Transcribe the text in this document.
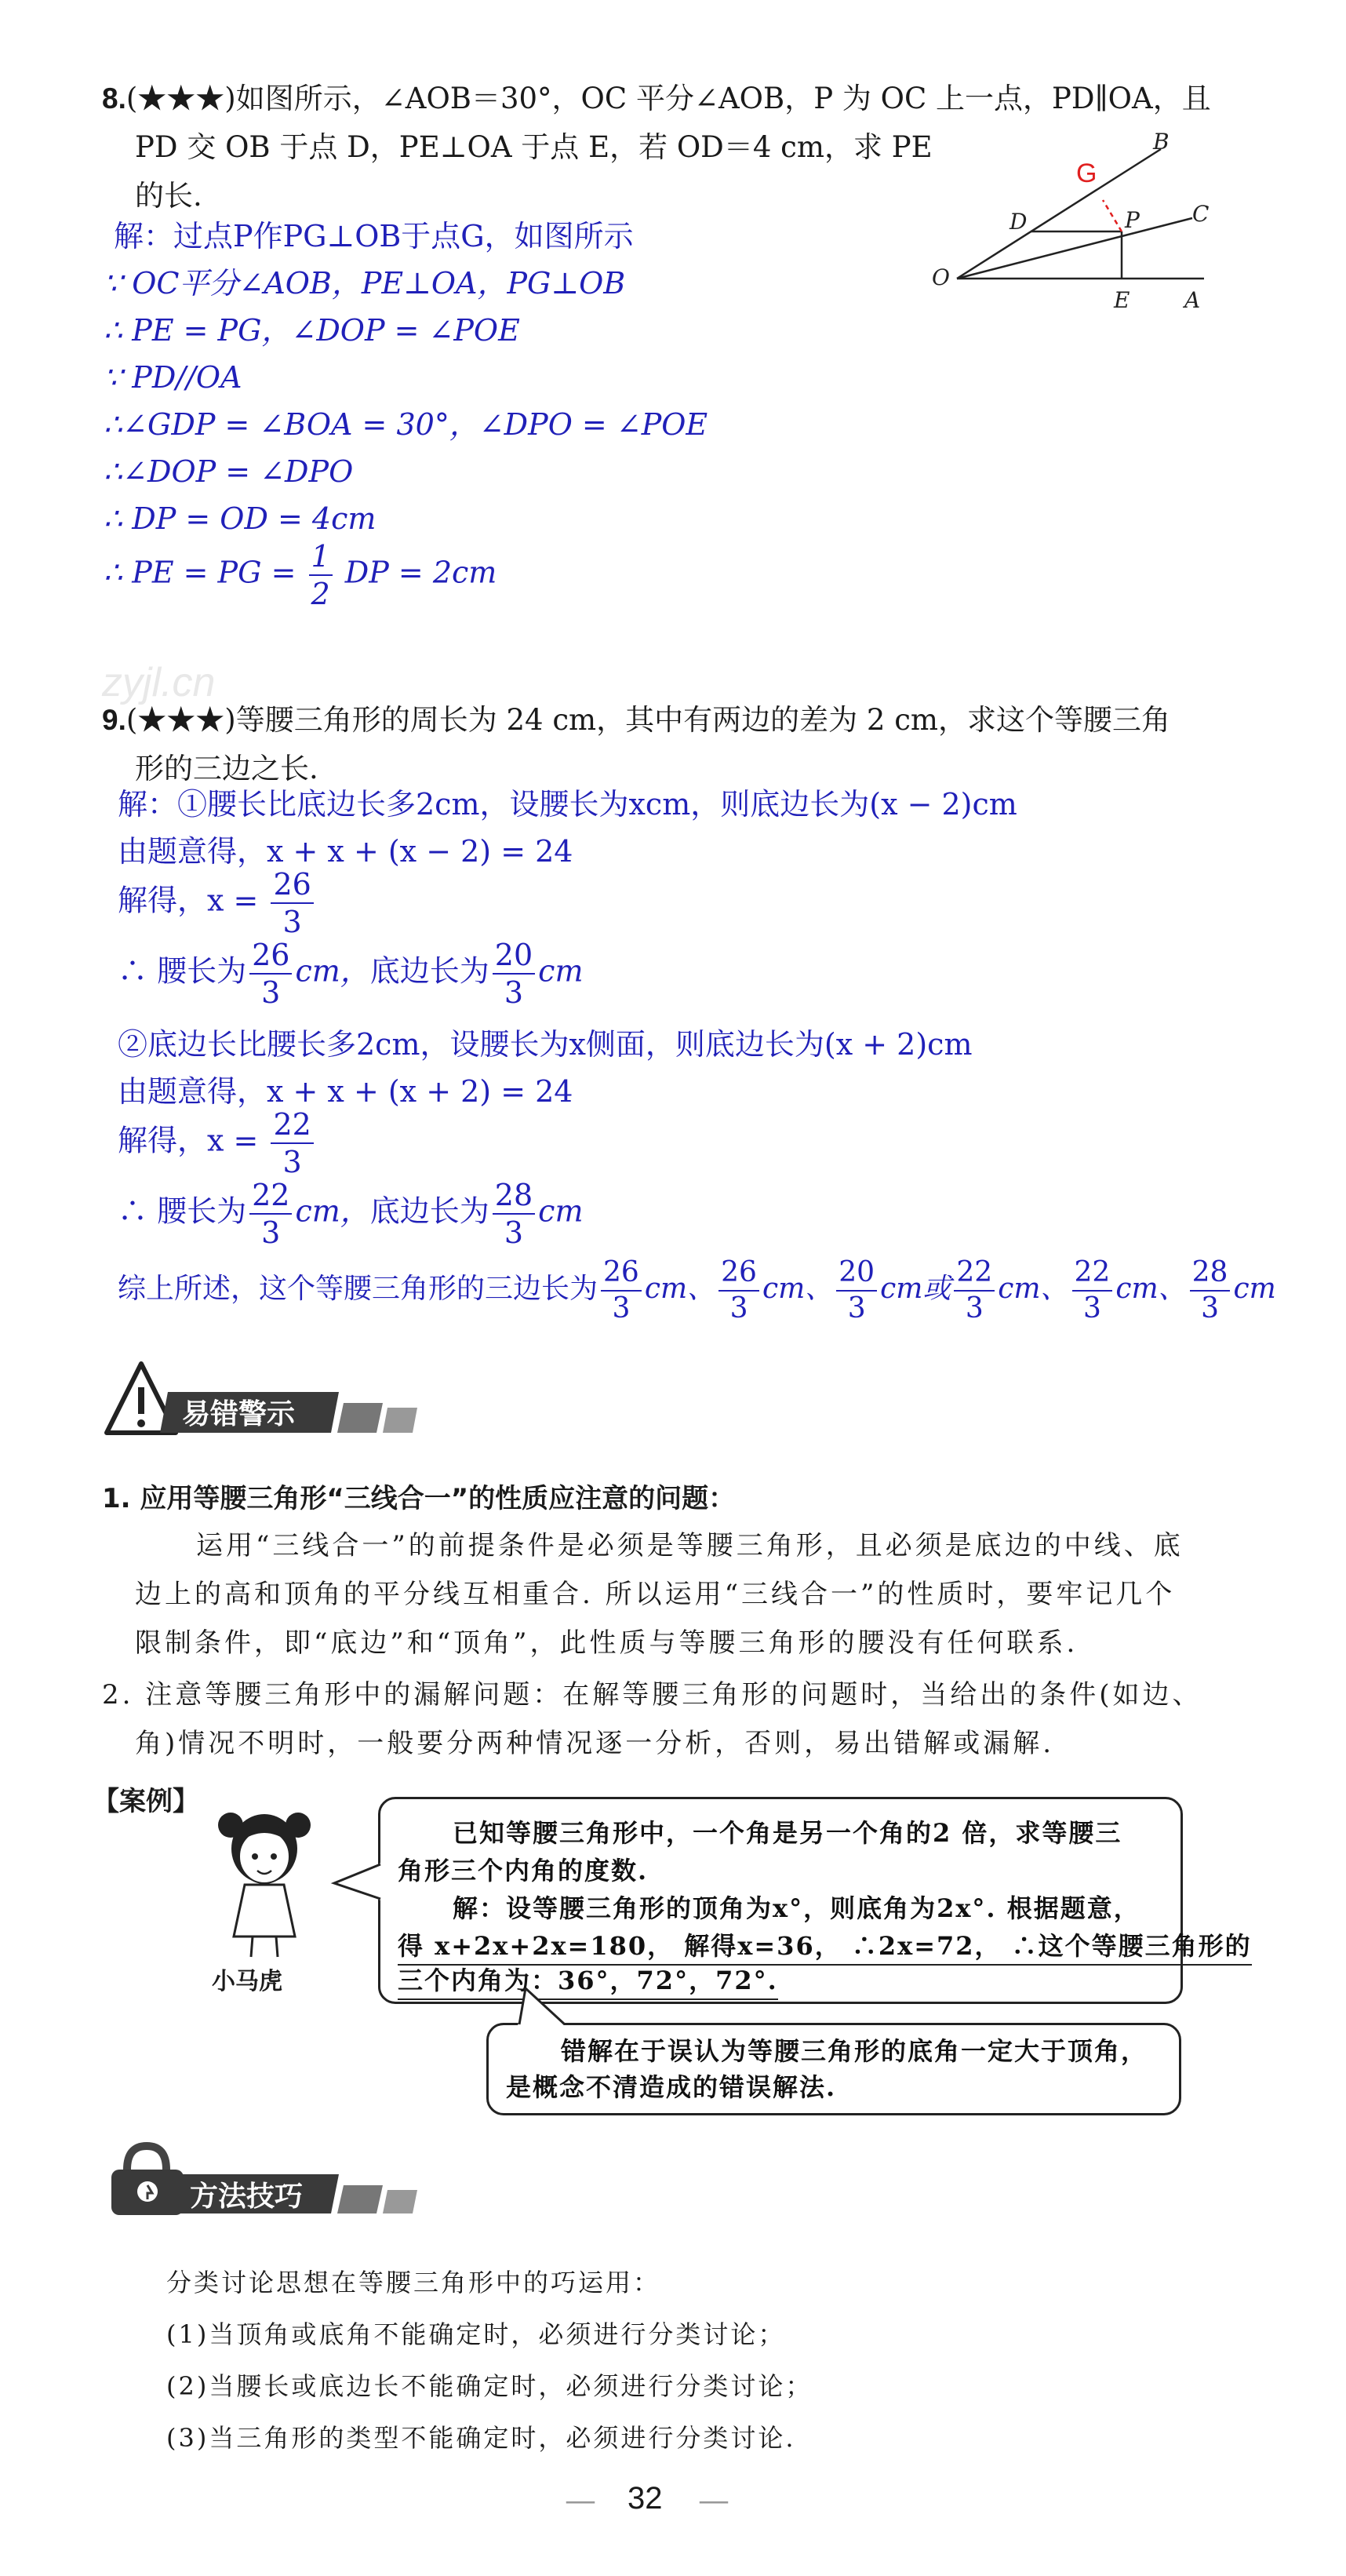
8.(★★★)如图所示，∠AOB＝30°，OC 平分∠AOB，P 为 OC 上一点，PD∥OA，且
PD 交 OB 于点 D，PE⊥OA 于点 E，若 OD＝4 cm，求 PE
的长.
G
B
D	P C
O
E A
解：过点P作PG⊥OB于点G，如图所示
∵ OC平分∠AOB，PE⊥OA，PG⊥OB
∴ PE = PG，∠DOP = ∠POE
∵ PD//OA
∴∠GDP = ∠BOA = 30°，∠DPO = ∠POE
∴∠DOP = ∠DPO
∴ DP = OD = 4cm
∴ PE = PG = $\frac{1}{2}$ DP = 2cm
zyjl.cn
9.(★★★)等腰三角形的周长为 24 cm，其中有两边的差为 2 cm，求这个等腰三角
形的三边之长.
解：①腰长比底边长多2cm，设腰长为xcm，则底边长为(x − 2)cm
由题意得，x + x + (x − 2) = 24
解得，$x = \frac{26}{3}$
∴ 腰长为 $\frac{26}{3}$ cm，底边长为 $\frac{20}{3}$ cm
②底边长比腰长多2cm，设腰长为x侧面，则底边长为(x + 2)cm
由题意得，x + x + (x + 2) = 24
解得，$x = \frac{22}{3}$
∴ 腰长为 $\frac{22}{3}$ cm，底边长为 $\frac{28}{3}$ cm
综上所述，这个等腰三角形的三边长为 $\frac{26}{3}$ cm、 $\frac{26}{3}$ cm、 $\frac{20}{3}$ cm或 $\frac{22}{3}$ cm、 $\frac{22}{3}$ cm、 $\frac{28}{3}$ cm
易错警示
1. 应用等腰三角形“三线合一”的性质应注意的问题：
运用“三线合一”的前提条件是必须是等腰三角形，且必须是底边的中线、底
边上的高和顶角的平分线互相重合. 所以运用“三线合一”的性质时，要牢记几个
限制条件，即“底边”和“顶角”，此性质与等腰三角形的腰没有任何联系.
2. 注意等腰三角形中的漏解问题：在解等腰三角形的问题时，当给出的条件(如边、
角)情况不明时，一般要分两种情况逐一分析，否则，易出错解或漏解.
【案例】
小马虎
已知等腰三角形中，一个角是另一个角的2 倍，求等腰三
角形三个内角的度数.
解：设等腰三角形的顶角为x°，则底角为2x°. 根据题意，
得 x+2x+2x=180， 解得x=36， ∴2x=72， ∴这个等腰三角形的
三个内角为：36°，72°，72°.
错解在于误认为等腰三角形的底角一定大于顶角，
是概念不清造成的错误解法.
方法技巧
分类讨论思想在等腰三角形中的巧运用：
(1)当顶角或底角不能确定时，必须进行分类讨论；
(2)当腰长或底边长不能确定时，必须进行分类讨论；
(3)当三角形的类型不能确定时，必须进行分类讨论.
— 32 —
